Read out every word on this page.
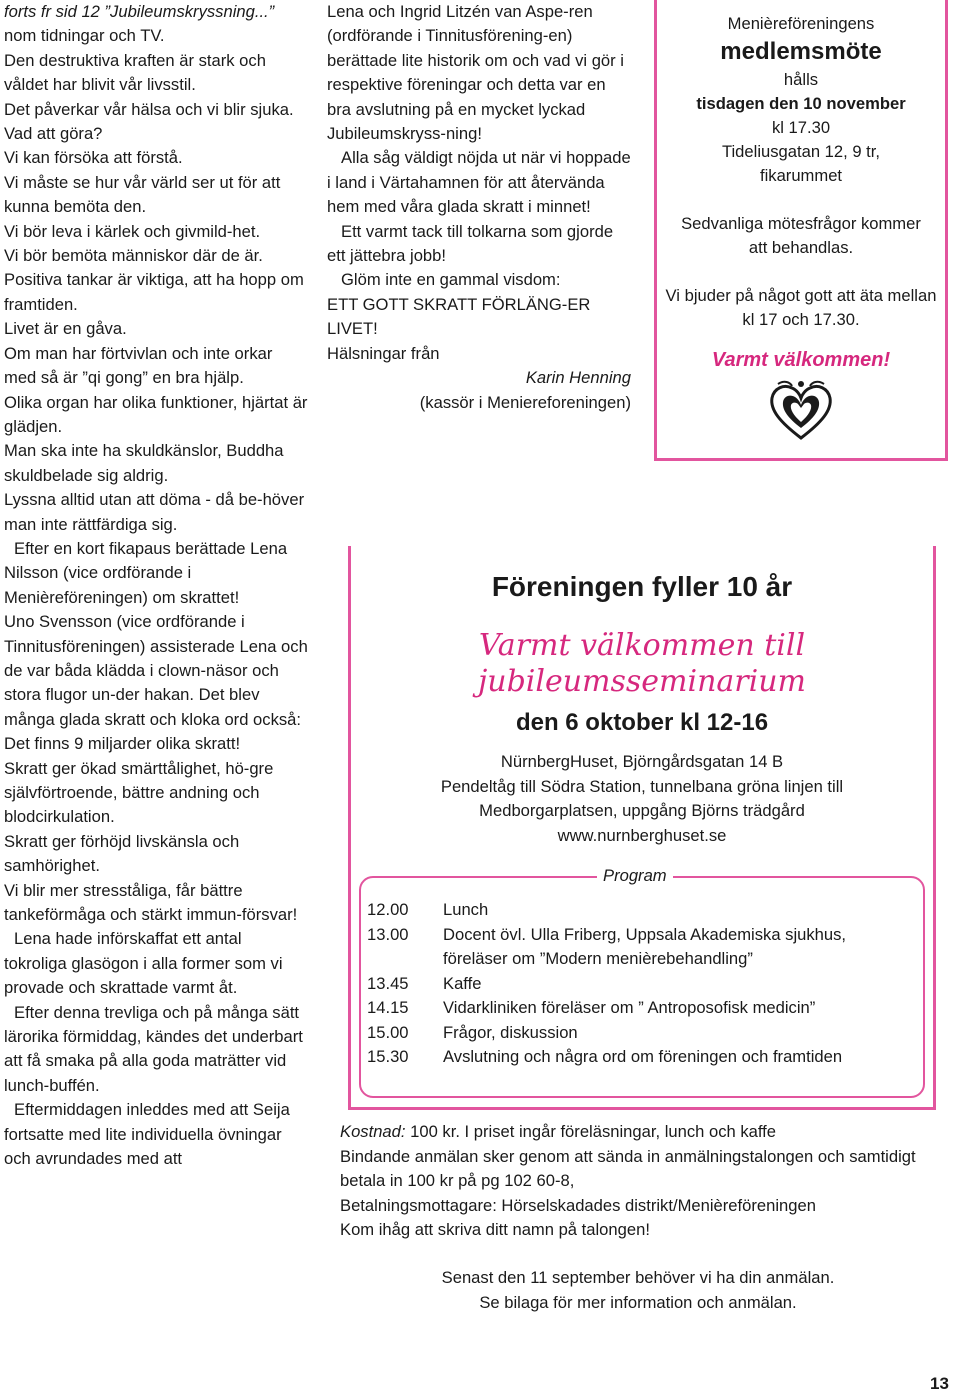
forts fr sid 12 ”Jubileumskryssning...”

nom tidningar och TV.

Den destruktiva kraften är stark och våldet har blivit vår livsstil.

Det påverkar vår hälsa och vi blir sjuka.

Vad att göra?

Vi kan försöka att förstå.

Vi måste se hur vår värld ser ut för att kunna bemöta den.

Vi bör leva i kärlek och givmild-het.

Vi bör bemöta människor där de är.

Positiva tankar är viktiga, att ha hopp om framtiden.

Livet är en gåva.

Om man har förtvivlan och inte orkar med så är ”qi gong” en bra hjälp.

Olika organ har olika funktioner, hjärtat är glädjen.

Man ska inte ha skuldkänslor, Buddha skuldbelade sig aldrig.

Lyssna alltid utan att döma - då be-höver man inte rättfärdiga sig.

Efter en kort fikapaus berättade Lena Nilsson (vice ordförande i Menièreföreningen) om skrattet!

Uno Svensson (vice ordförande i Tinnitusföreningen) assisterade Lena och de var båda klädda i clown-näsor och stora flugor un-der hakan. Det blev många glada skratt och kloka ord också:

Det finns 9 miljarder olika skratt!

Skratt ger ökad smärttålighet, hö-gre självförtroende, bättre andning och blodcirkulation.

Skratt ger förhöjd livskänsla och samhörighet.

Vi blir mer stresståliga, får bättre tankeförmåga och stärkt immun-försvar!

Lena hade införskaffat ett antal tokroliga glasögon i alla former som vi provade och skrattade varmt åt.

Efter denna trevliga och på många sätt lärorika förmiddag, kändes det underbart att få smaka på alla goda maträtter vid lunch-buffén.

Eftermiddagen inleddes med att Seija fortsatte med lite individuella övningar och avrundades med att

Lena och Ingrid Litzén van Aspe-ren (ordförande i Tinnitusförening-en) berättade lite historik om och vad vi gör i respektive föreningar och detta var en bra avslutning på en mycket lyckad Jubileumskryss-ning!

Alla såg väldigt nöjda ut när vi hoppade i land i Värtahamnen för att återvända hem med våra glada skratt i minnet!

Ett varmt tack till tolkarna som gjorde ett jättebra jobb!

Glöm inte en gammal visdom:

ETT GOTT SKRATT FÖRLÄNG-ER LIVET!

Hälsningar från

Karin Henning

(kassör i Meniereforeningen)

Menièreföreningens
medlemsmöte
hålls
tisdagen den 10 november
kl 17.30
Tideliusgatan 12, 9 tr,
fikarummet
Sedvanliga mötesfrågor kommer att behandlas.
Vi bjuder på något gott att äta mellan kl 17 och 17.30.
Varmt välkommen!
Föreningen fyller 10 år
Varmt välkommen till
jubileumsseminarium
den 6 oktober kl 12-16
NürnbergHuset, Björngårdsgatan 14 B
Pendeltåg till Södra Station, tunnelbana gröna linjen till
Medborgarplatsen, uppgång Björns trädgård
www.nurnberghuset.se
Program
12.00	Lunch
13.00	Docent övl. Ulla Friberg, Uppsala Akademiska sjukhus, föreläser om ”Modern menièrebehandling”
13.45	Kaffe
14.15	Vidarkliniken föreläser om ” Antroposofisk medicin”
15.00	Frågor, diskussion
15.30	Avslutning och några ord om föreningen och framtiden

Kostnad: 100 kr. I priset ingår föreläsningar, lunch och kaffe

Bindande anmälan sker genom att sända in anmälningstalongen och samtidigt betala in 100 kr på pg 102 60-8,

Betalningsmottagare: Hörselskadades distrikt/Menièreföreningen

Kom ihåg att skriva ditt namn på talongen!

Senast den 11 september behöver vi ha din anmälan.

Se bilaga för mer information och anmälan.

13
